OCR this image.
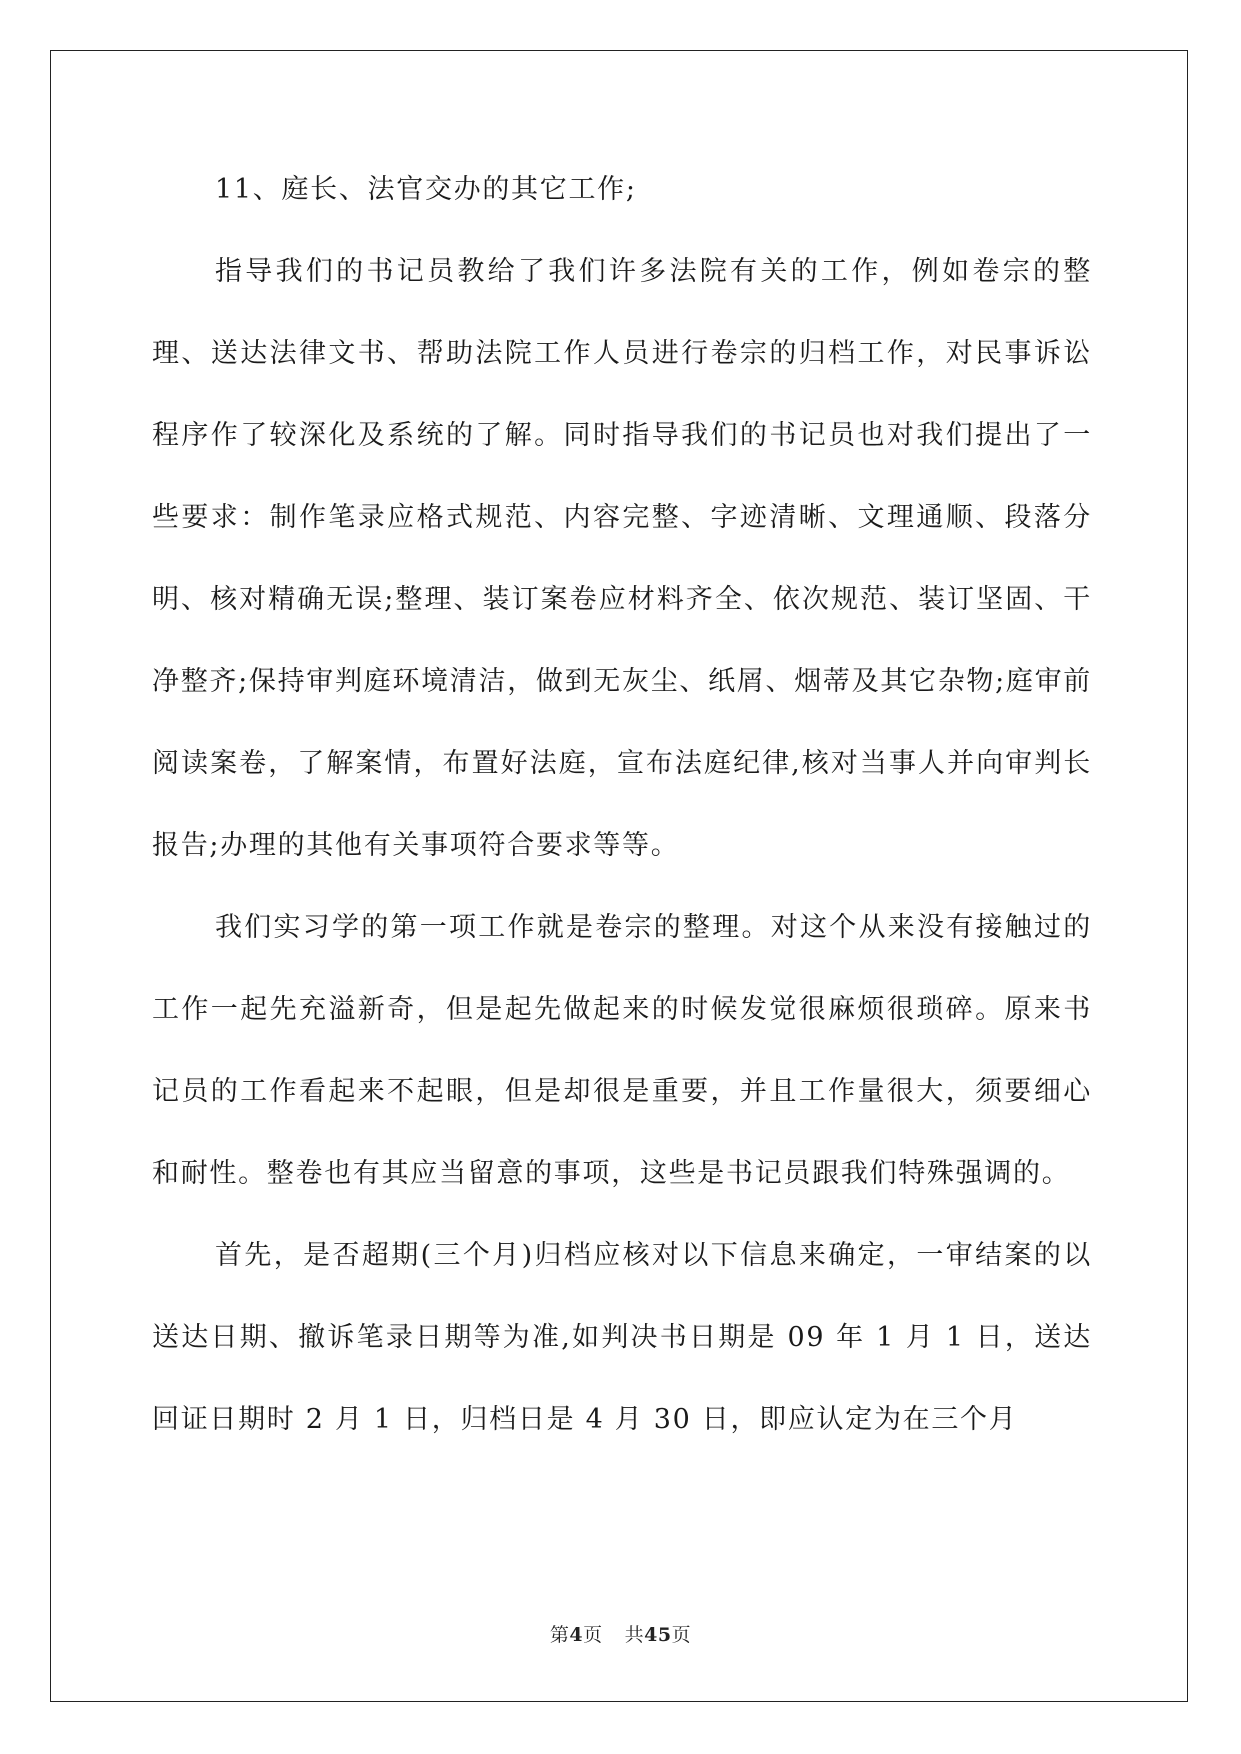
11、庭长、法官交办的其它工作;

指导我们的书记员教给了我们许多法院有关的工作，例如卷宗的整理、送达法律文书、帮助法院工作人员进行卷宗的归档工作，对民事诉讼程序作了较深化及系统的了解。同时指导我们的书记员也对我们提出了一些要求：制作笔录应格式规范、内容完整、字迹清晰、文理通顺、段落分明、核对精确无误;整理、装订案卷应材料齐全、依次规范、装订坚固、干净整齐;保持审判庭环境清洁，做到无灰尘、纸屑、烟蒂及其它杂物;庭审前阅读案卷，了解案情，布置好法庭，宣布法庭纪律,核对当事人并向审判长报告;办理的其他有关事项符合要求等等。

我们实习学的第一项工作就是卷宗的整理。对这个从来没有接触过的工作一起先充溢新奇，但是起先做起来的时候发觉很麻烦很琐碎。原来书记员的工作看起来不起眼，但是却很是重要，并且工作量很大，须要细心和耐性。整卷也有其应当留意的事项，这些是书记员跟我们特殊强调的。

首先，是否超期(三个月)归档应核对以下信息来确定，一审结案的以送达日期、撤诉笔录日期等为准,如判决书日期是 09 年 1 月 1 日，送达回证日期时 2 月 1 日，归档日是 4 月 30 日，即应认定为在三个月

第4页 共45页
